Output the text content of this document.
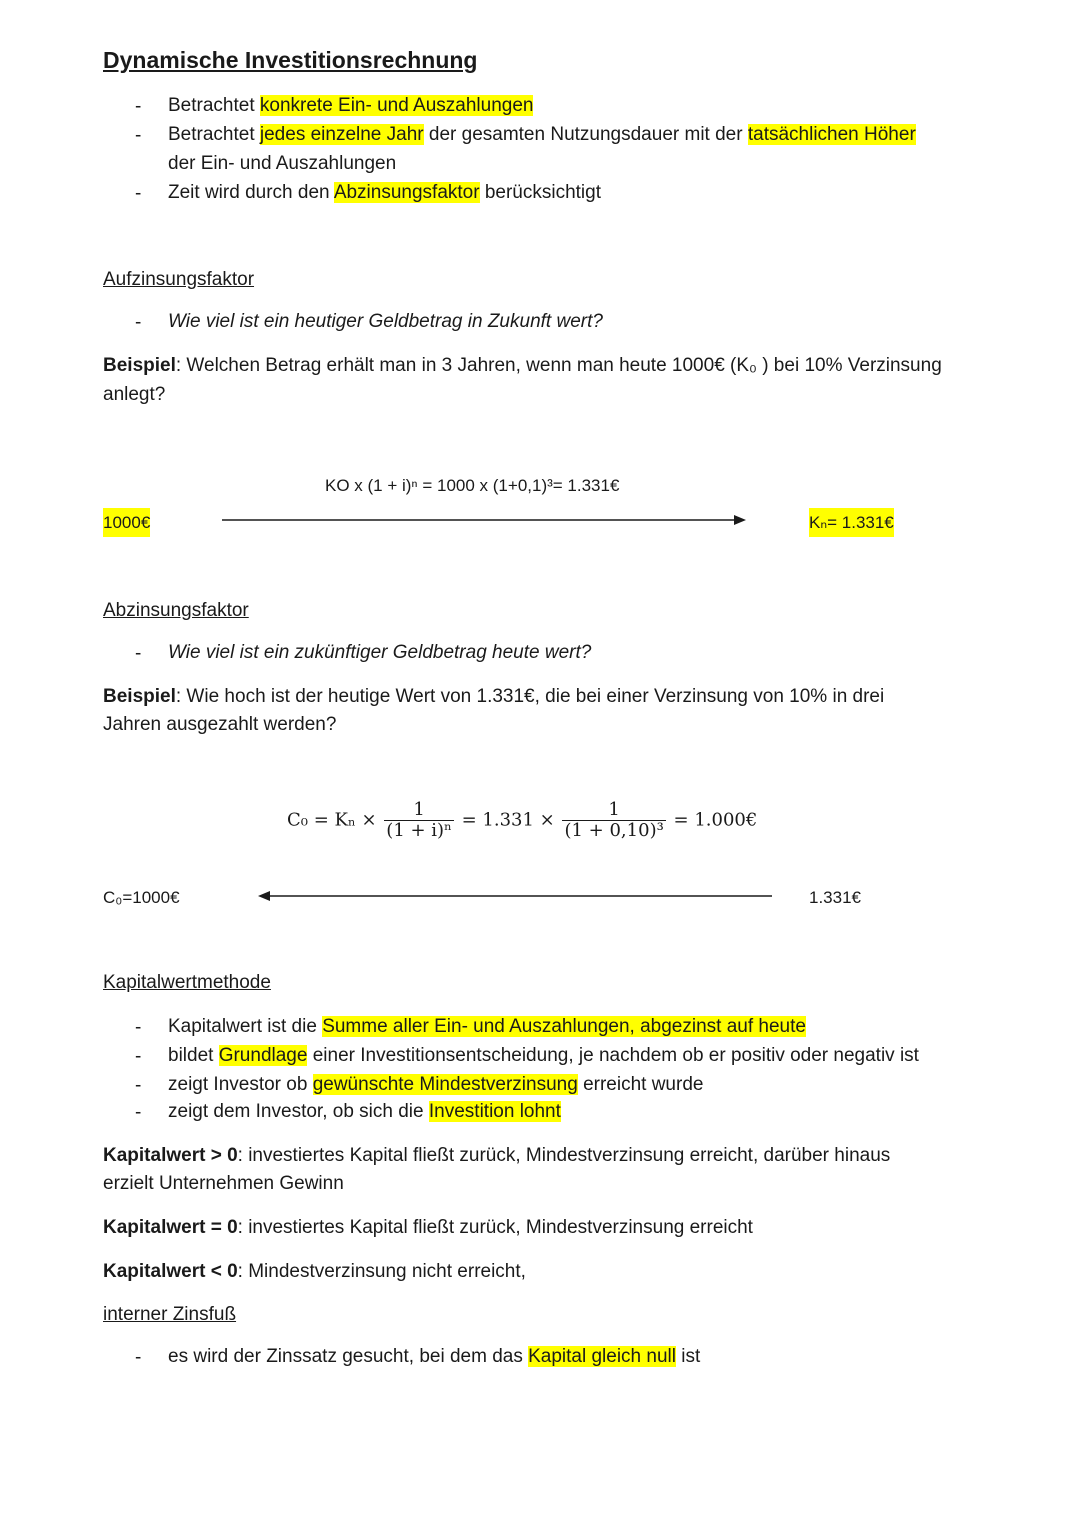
Dynamische Investitionsrechnung
- Betrachtet konkrete Ein- und Auszahlungen
- Betrachtet jedes einzelne Jahr der gesamten Nutzungsdauer mit der tatsächlichen Höher
der Ein- und Auszahlungen
- Zeit wird durch den Abzinsungsfaktor berücksichtigt
Aufzinsungsfaktor
- Wie viel ist ein heutiger Geldbetrag in Zukunft wert?
Beispiel: Welchen Betrag erhält man in 3 Jahren, wenn man heute 1000€ (K₀ ) bei 10% Verzinsung
anlegt?
KO x (1 + i)ⁿ = 1000 x (1+0,1)³= 1.331€
1000€	Kₙ= 1.331€
Abzinsungsfaktor
- Wie viel ist ein zukünftiger Geldbetrag heute wert?
Beispiel: Wie hoch ist der heutige Wert von 1.331€, die bei einer Verzinsung von 10% in drei
Jahren ausgezahlt werden?
$C_0 = K_n \times \frac{1}{\text{(1 + i)ⁿ}} = 1.331 \times \frac{1}{\text{(1 + 0,10)³}}$ = 1.000€
C₀=1000€	1.331€
Kapitalwertmethode
- Kapitalwert ist die Summe aller Ein- und Auszahlungen, abgezinst auf heute
- bildet Grundlage einer Investitionsentscheidung, je nachdem ob er positiv oder negativ ist
- zeigt Investor ob gewünschte Mindestverzinsung erreicht wurde
- zeigt dem Investor, ob sich die Investition lohnt
Kapitalwert > 0: investiertes Kapital fließt zurück, Mindestverzinsung erreicht, darüber hinaus
erzielt Unternehmen Gewinn
Kapitalwert = 0: investiertes Kapital fließt zurück, Mindestverzinsung erreicht
Kapitalwert < 0: Mindestverzinsung nicht erreicht,
interner Zinsfuß
- es wird der Zinssatz gesucht, bei dem das Kapital gleich null ist
